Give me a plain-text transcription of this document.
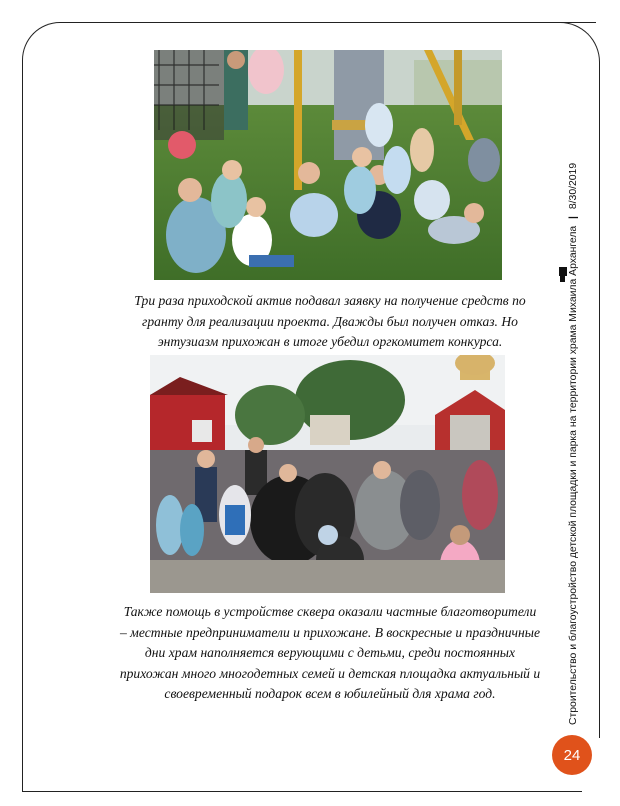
Три раза приходской актив подавал заявку на получение средств по
гранту для реализации проекта. Дважды был получен отказ. Но
энтузиазм прихожан в итоге убедил оргкомитет конкурса.
Также помощь в устройстве сквера оказали частные благотворители
– местные предприниматели и прихожане. В воскресные и праздничные
дни храм наполняется верующими с детьми, среди постоянных
прихожан много многодетных семей и детская площадка актуальный и
своевременный подарок всем в юбилейный для храма год.	Строительство и благоустройство детской площадки и парка на территории храма Михаила Архангела | 8/30/2019
24
